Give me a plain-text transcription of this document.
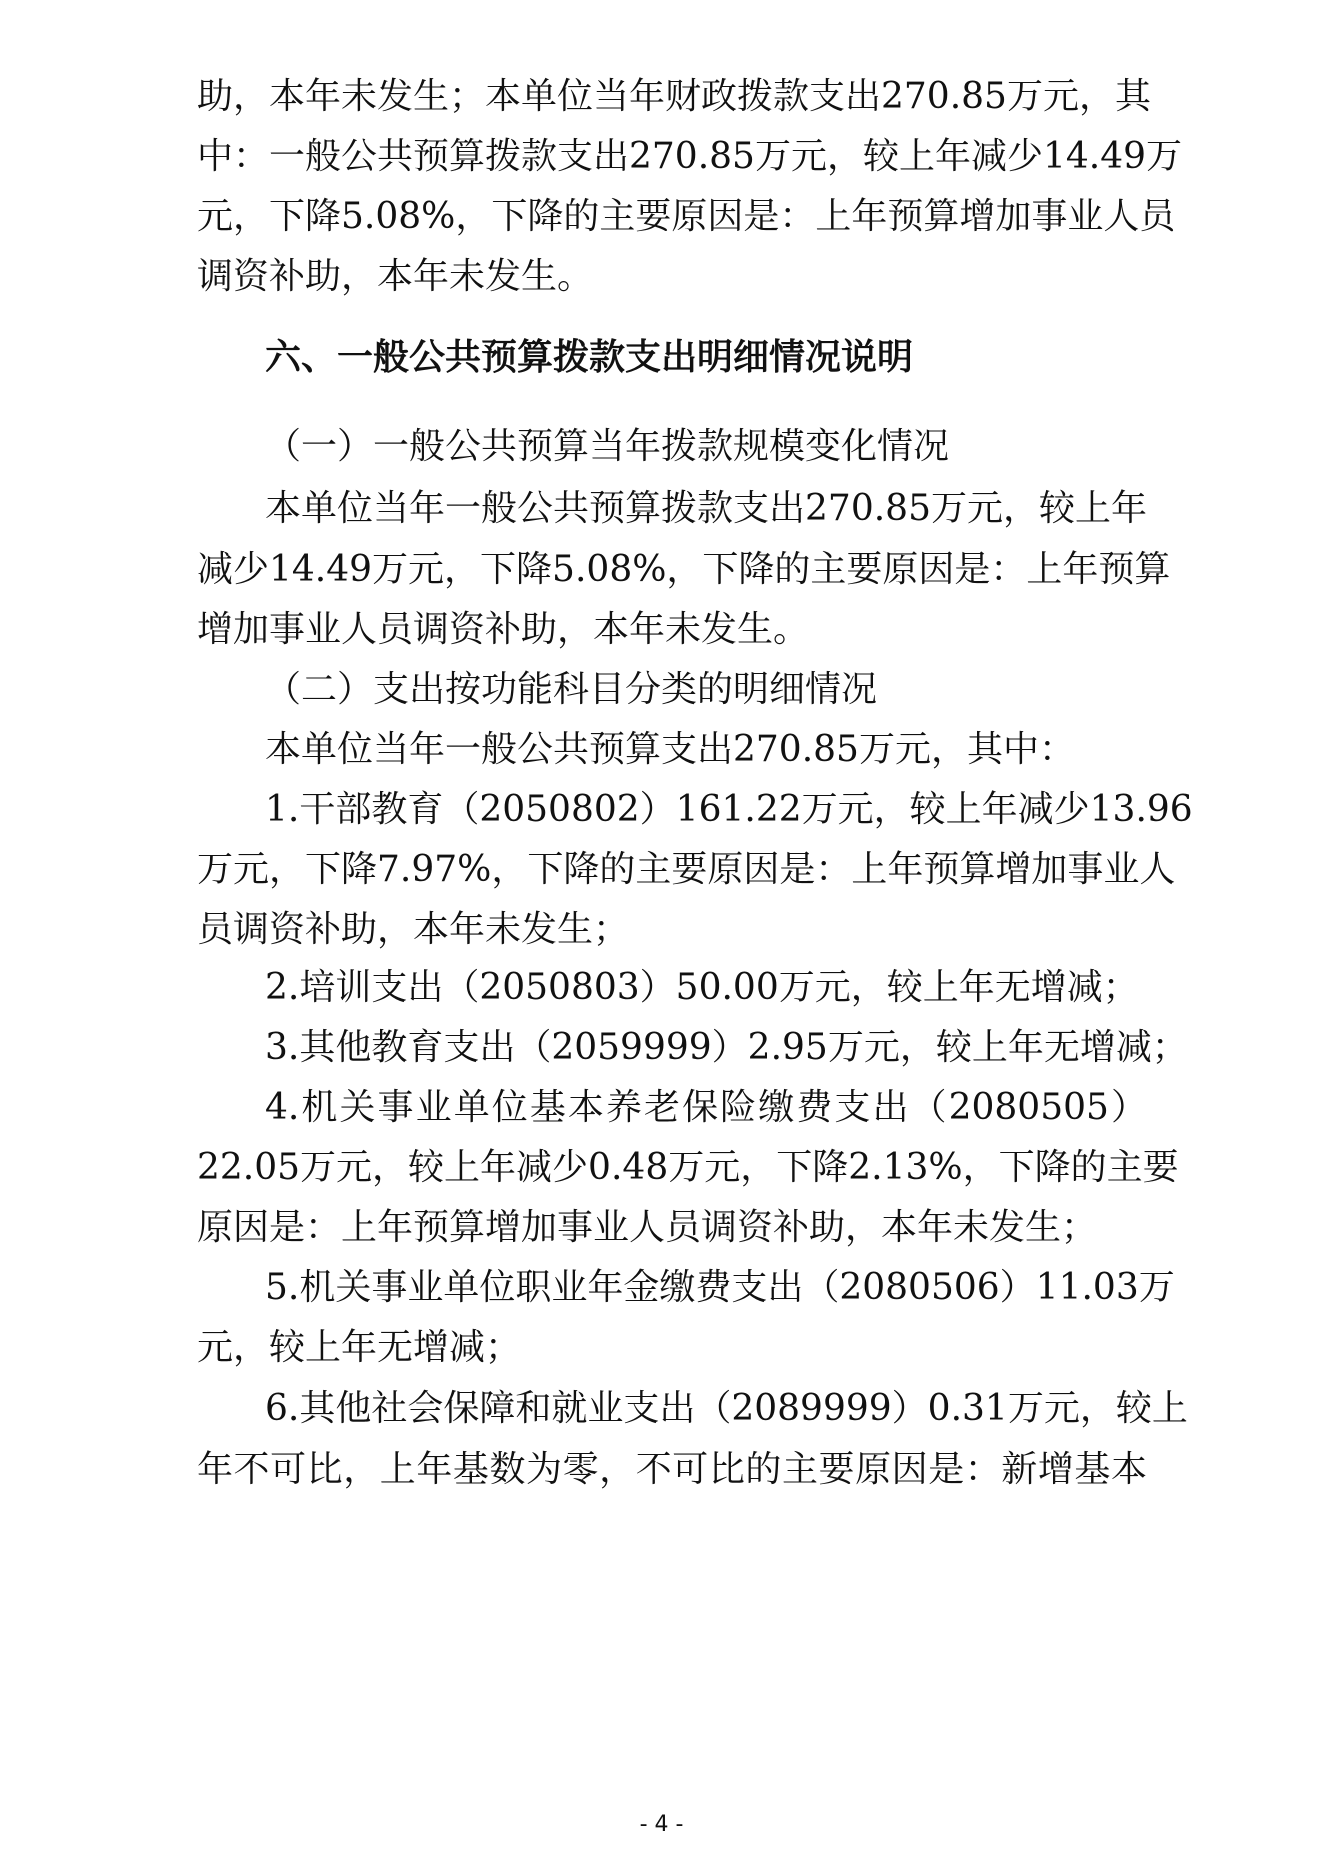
助，本年未发生；本单位当年财政拨款支出270.85万元，其
中：一般公共预算拨款支出270.85万元，较上年减少14.49万
元，下降5.08%，下降的主要原因是：上年预算增加事业人员
调资补助，本年未发生。
六、一般公共预算拨款支出明细情况说明
（一）一般公共预算当年拨款规模变化情况
本单位当年一般公共预算拨款支出270.85万元，较上年
减少14.49万元，下降5.08%，下降的主要原因是：上年预算
增加事业人员调资补助，本年未发生。
（二）支出按功能科目分类的明细情况
本单位当年一般公共预算支出270.85万元，其中：
1.干部教育（2050802）161.22万元，较上年减少13.96
万元，下降7.97%，下降的主要原因是：上年预算增加事业人
员调资补助，本年未发生；
2.培训支出（2050803）50.00万元，较上年无增减；
3.其他教育支出（2059999）2.95万元，较上年无增减；
4.机关事业单位基本养老保险缴费支出（2080505）
22.05万元，较上年减少0.48万元，下降2.13%，下降的主要
原因是：上年预算增加事业人员调资补助，本年未发生；
5.机关事业单位职业年金缴费支出（2080506）11.03万
元，较上年无增减；
6.其他社会保障和就业支出（2089999）0.31万元，较上
年不可比，上年基数为零，不可比的主要原因是：新增基本
- 4 -
